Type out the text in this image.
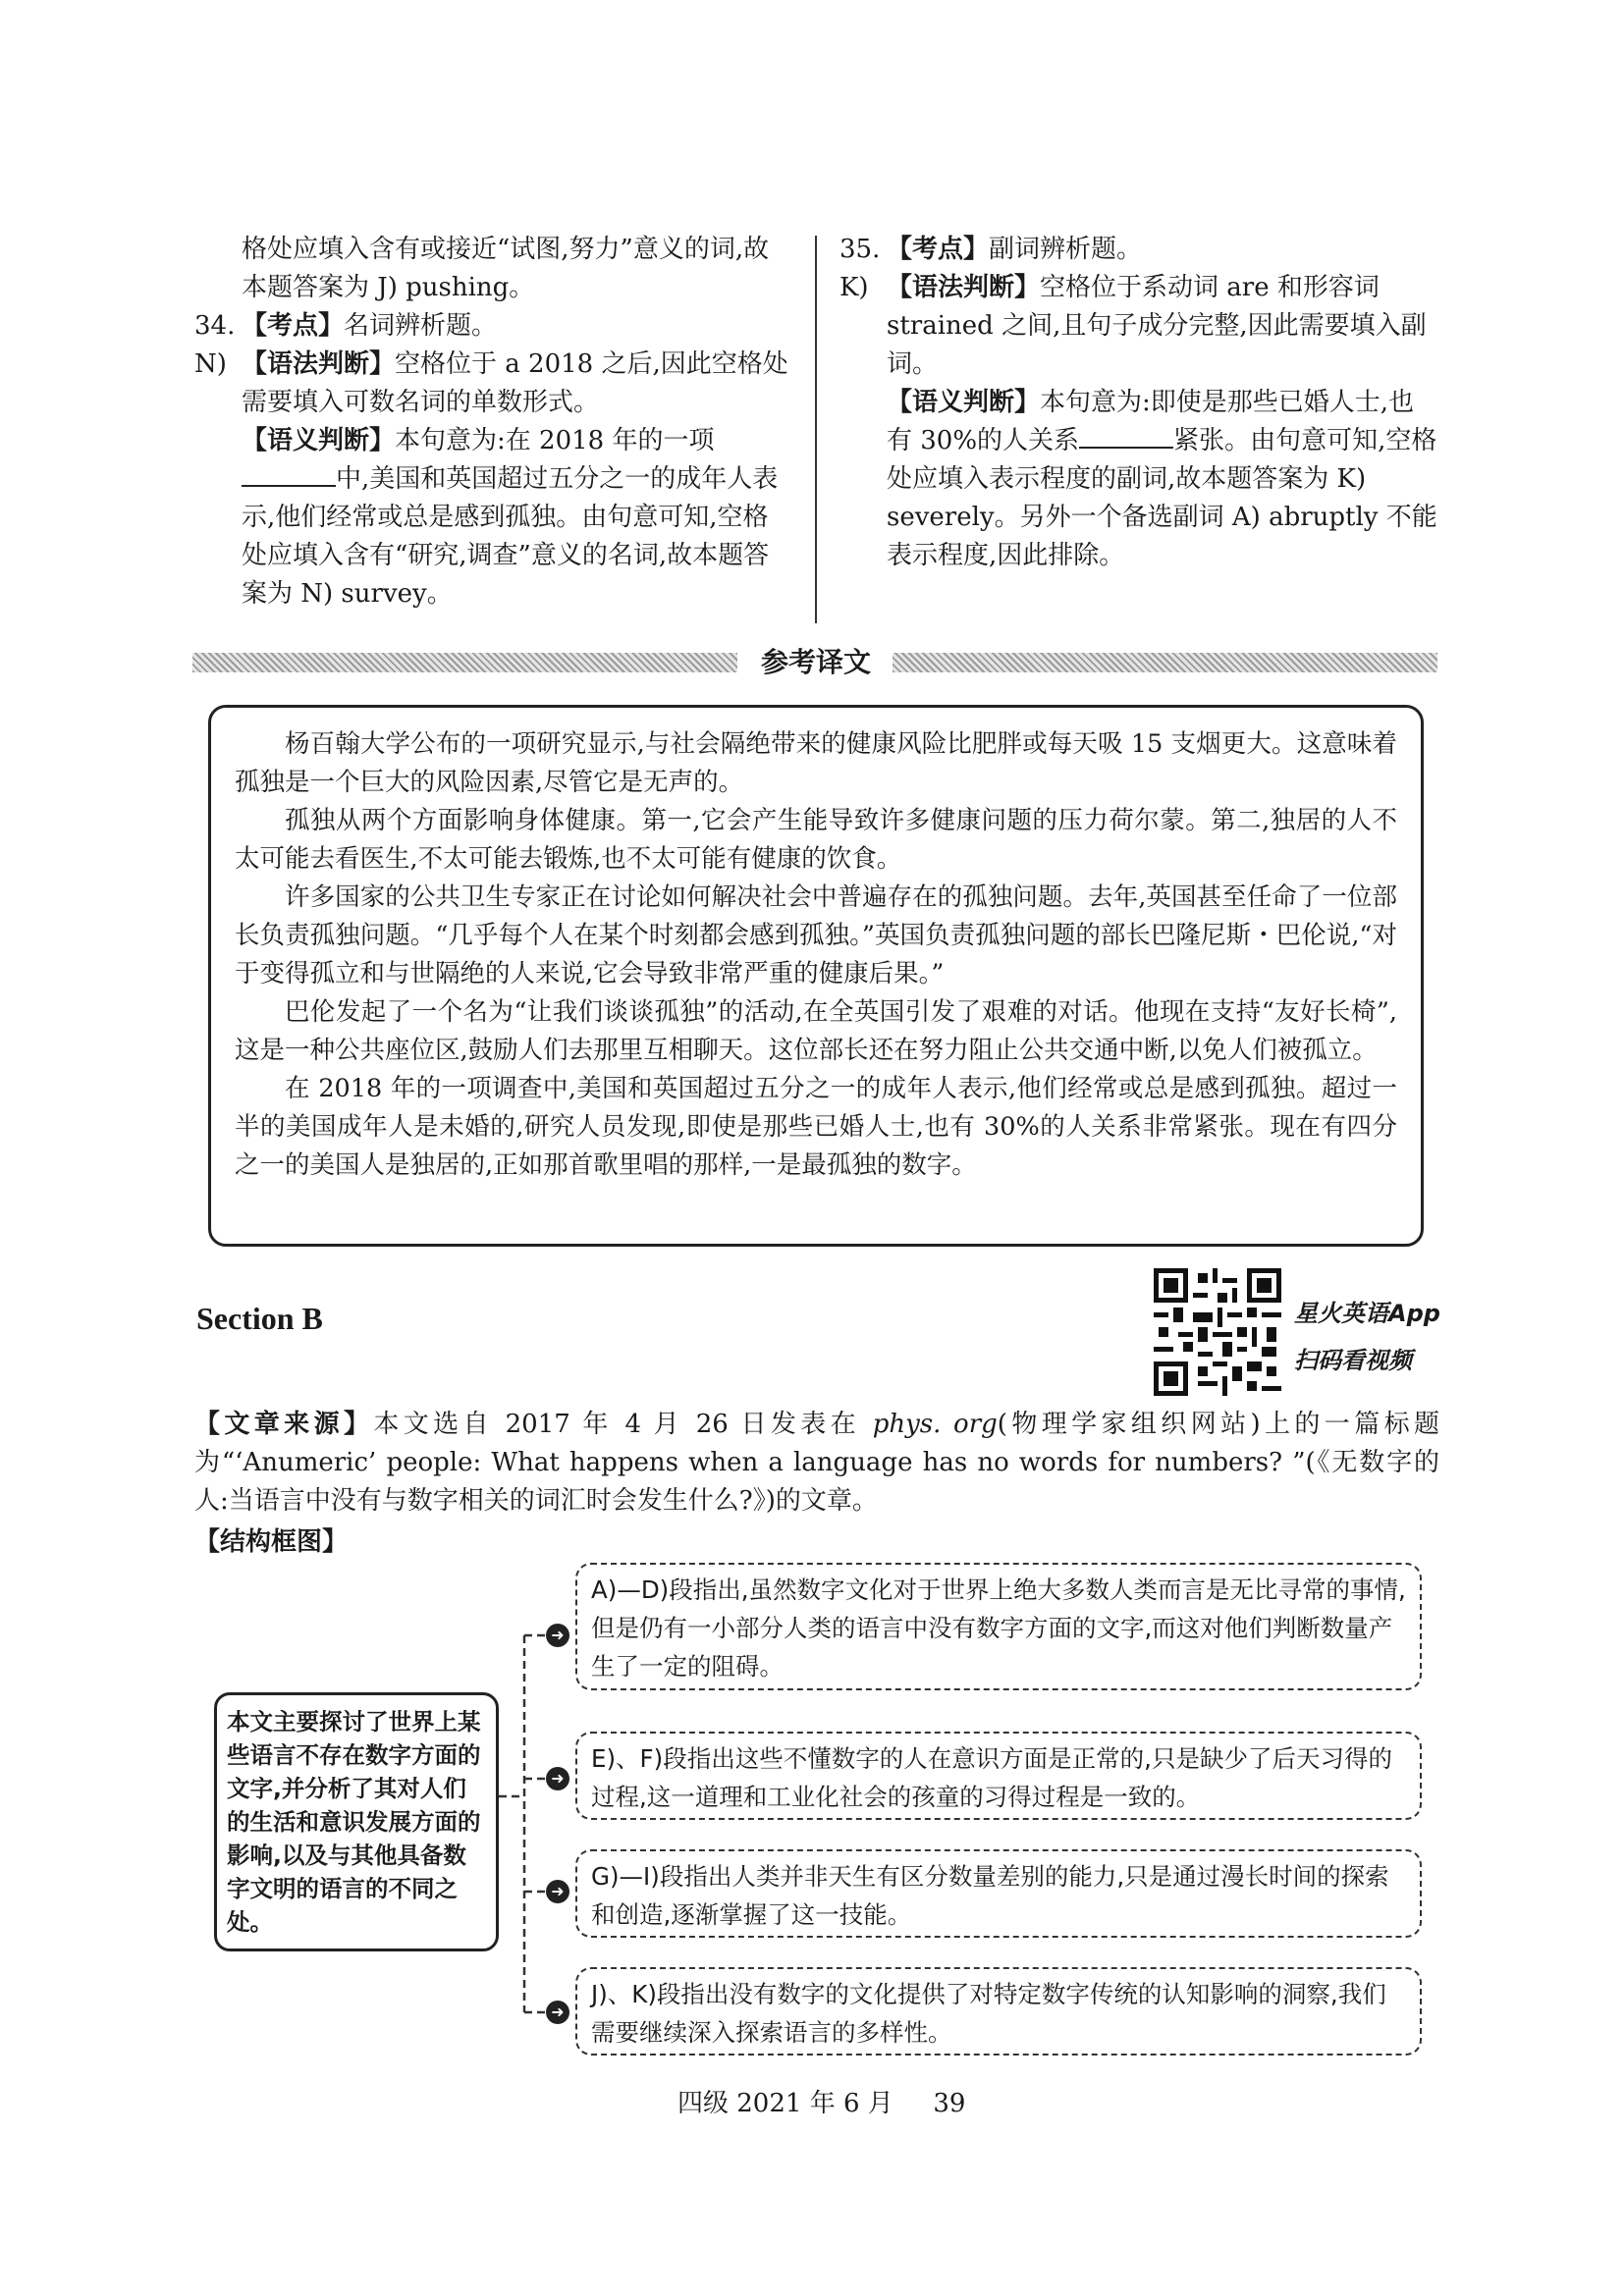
格处应填入含有或接近“试图,努力”意义的词,故
本题答案为 J) pushing。

34. 【考点】名词辨析题。
N) 【语法判断】空格位于 a 2018 之后,因此空格处需要填入可数名词的单数形式。

【语义判断】本句意为:在 2018 年的一项中,美国和英国超过五分之一的成年人表示,他们经常或总是感到孤独。由句意可知,空格处应填入含有“研究,调查”意义的名词,故本题答案为 N) survey。

35. 【考点】副词辨析题。
K) 【语法判断】空格位于系动词 are 和形容词 strained 之间,且句子成分完整,因此需要填入副词。

【语义判断】本句意为:即使是那些已婚人士,也有 30%的人关系	紧张。由句意可知,空格处应填入表示程度的副词,故本题答案为 K) severely。另外一个备选副词 A) abruptly 不能表示程度,因此排除。

参考译文

杨百翰大学公布的一项研究显示,与社会隔绝带来的健康风险比肥胖或每天吸 15 支烟更大。这意味着孤独是一个巨大的风险因素,尽管它是无声的。

孤独从两个方面影响身体健康。第一,它会产生能导致许多健康问题的压力荷尔蒙。第二,独居的人不太可能去看医生,不太可能去锻炼,也不太可能有健康的饮食。

许多国家的公共卫生专家正在讨论如何解决社会中普遍存在的孤独问题。去年,英国甚至任命了一位部长负责孤独问题。“几乎每个人在某个时刻都会感到孤独。”英国负责孤独问题的部长巴隆尼斯・巴伦说,“对于变得孤立和与世隔绝的人来说,它会导致非常严重的健康后果。”

巴伦发起了一个名为“让我们谈谈孤独”的活动,在全英国引发了艰难的对话。他现在支持“友好长椅”,这是一种公共座位区,鼓励人们去那里互相聊天。这位部长还在努力阻止公共交通中断,以免人们被孤立。

在 2018 年的一项调查中,美国和英国超过五分之一的成年人表示,他们经常或总是感到孤独。超过一半的美国成年人是未婚的,研究人员发现,即使是那些已婚人士,也有 30%的人关系非常紧张。现在有四分之一的美国人是独居的,正如那首歌里唱的那样,一是最孤独的数字。

Section B	星火英语App
扫码看视频
【文章来源】本文选自 2017 年 4 月 26 日发表在 phys. org(物理学家组织网站)上的一篇标题为“‘Anumeric’ people: What happens when a language has no words for numbers? ”(《无数字的人:当语言中没有与数字相关的词汇时会发生什么?》)的文章。
【结构框图】
本文主要探讨了世界上某些语言不存在数字方面的文字,并分析了其对人们的生活和意识发展方面的影响,以及与其他具备数字文明的语言的不同之处。
➜
➜
➜
➜
A)—D)段指出,虽然数字文化对于世界上绝大多数人类而言是无比寻常的事情,但是仍有一小部分人类的语言中没有数字方面的文字,而这对他们判断数量产生了一定的阻碍。
E)、F)段指出这些不懂数字的人在意识方面是正常的,只是缺少了后天习得的过程,这一道理和工业化社会的孩童的习得过程是一致的。
G)—I)段指出人类并非天生有区分数量差别的能力,只是通过漫长时间的探索和创造,逐渐掌握了这一技能。
J)、K)段指出没有数字的文化提供了对特定数字传统的认知影响的洞察,我们需要继续深入探索语言的多样性。
四级 2021 年 6 月 39
